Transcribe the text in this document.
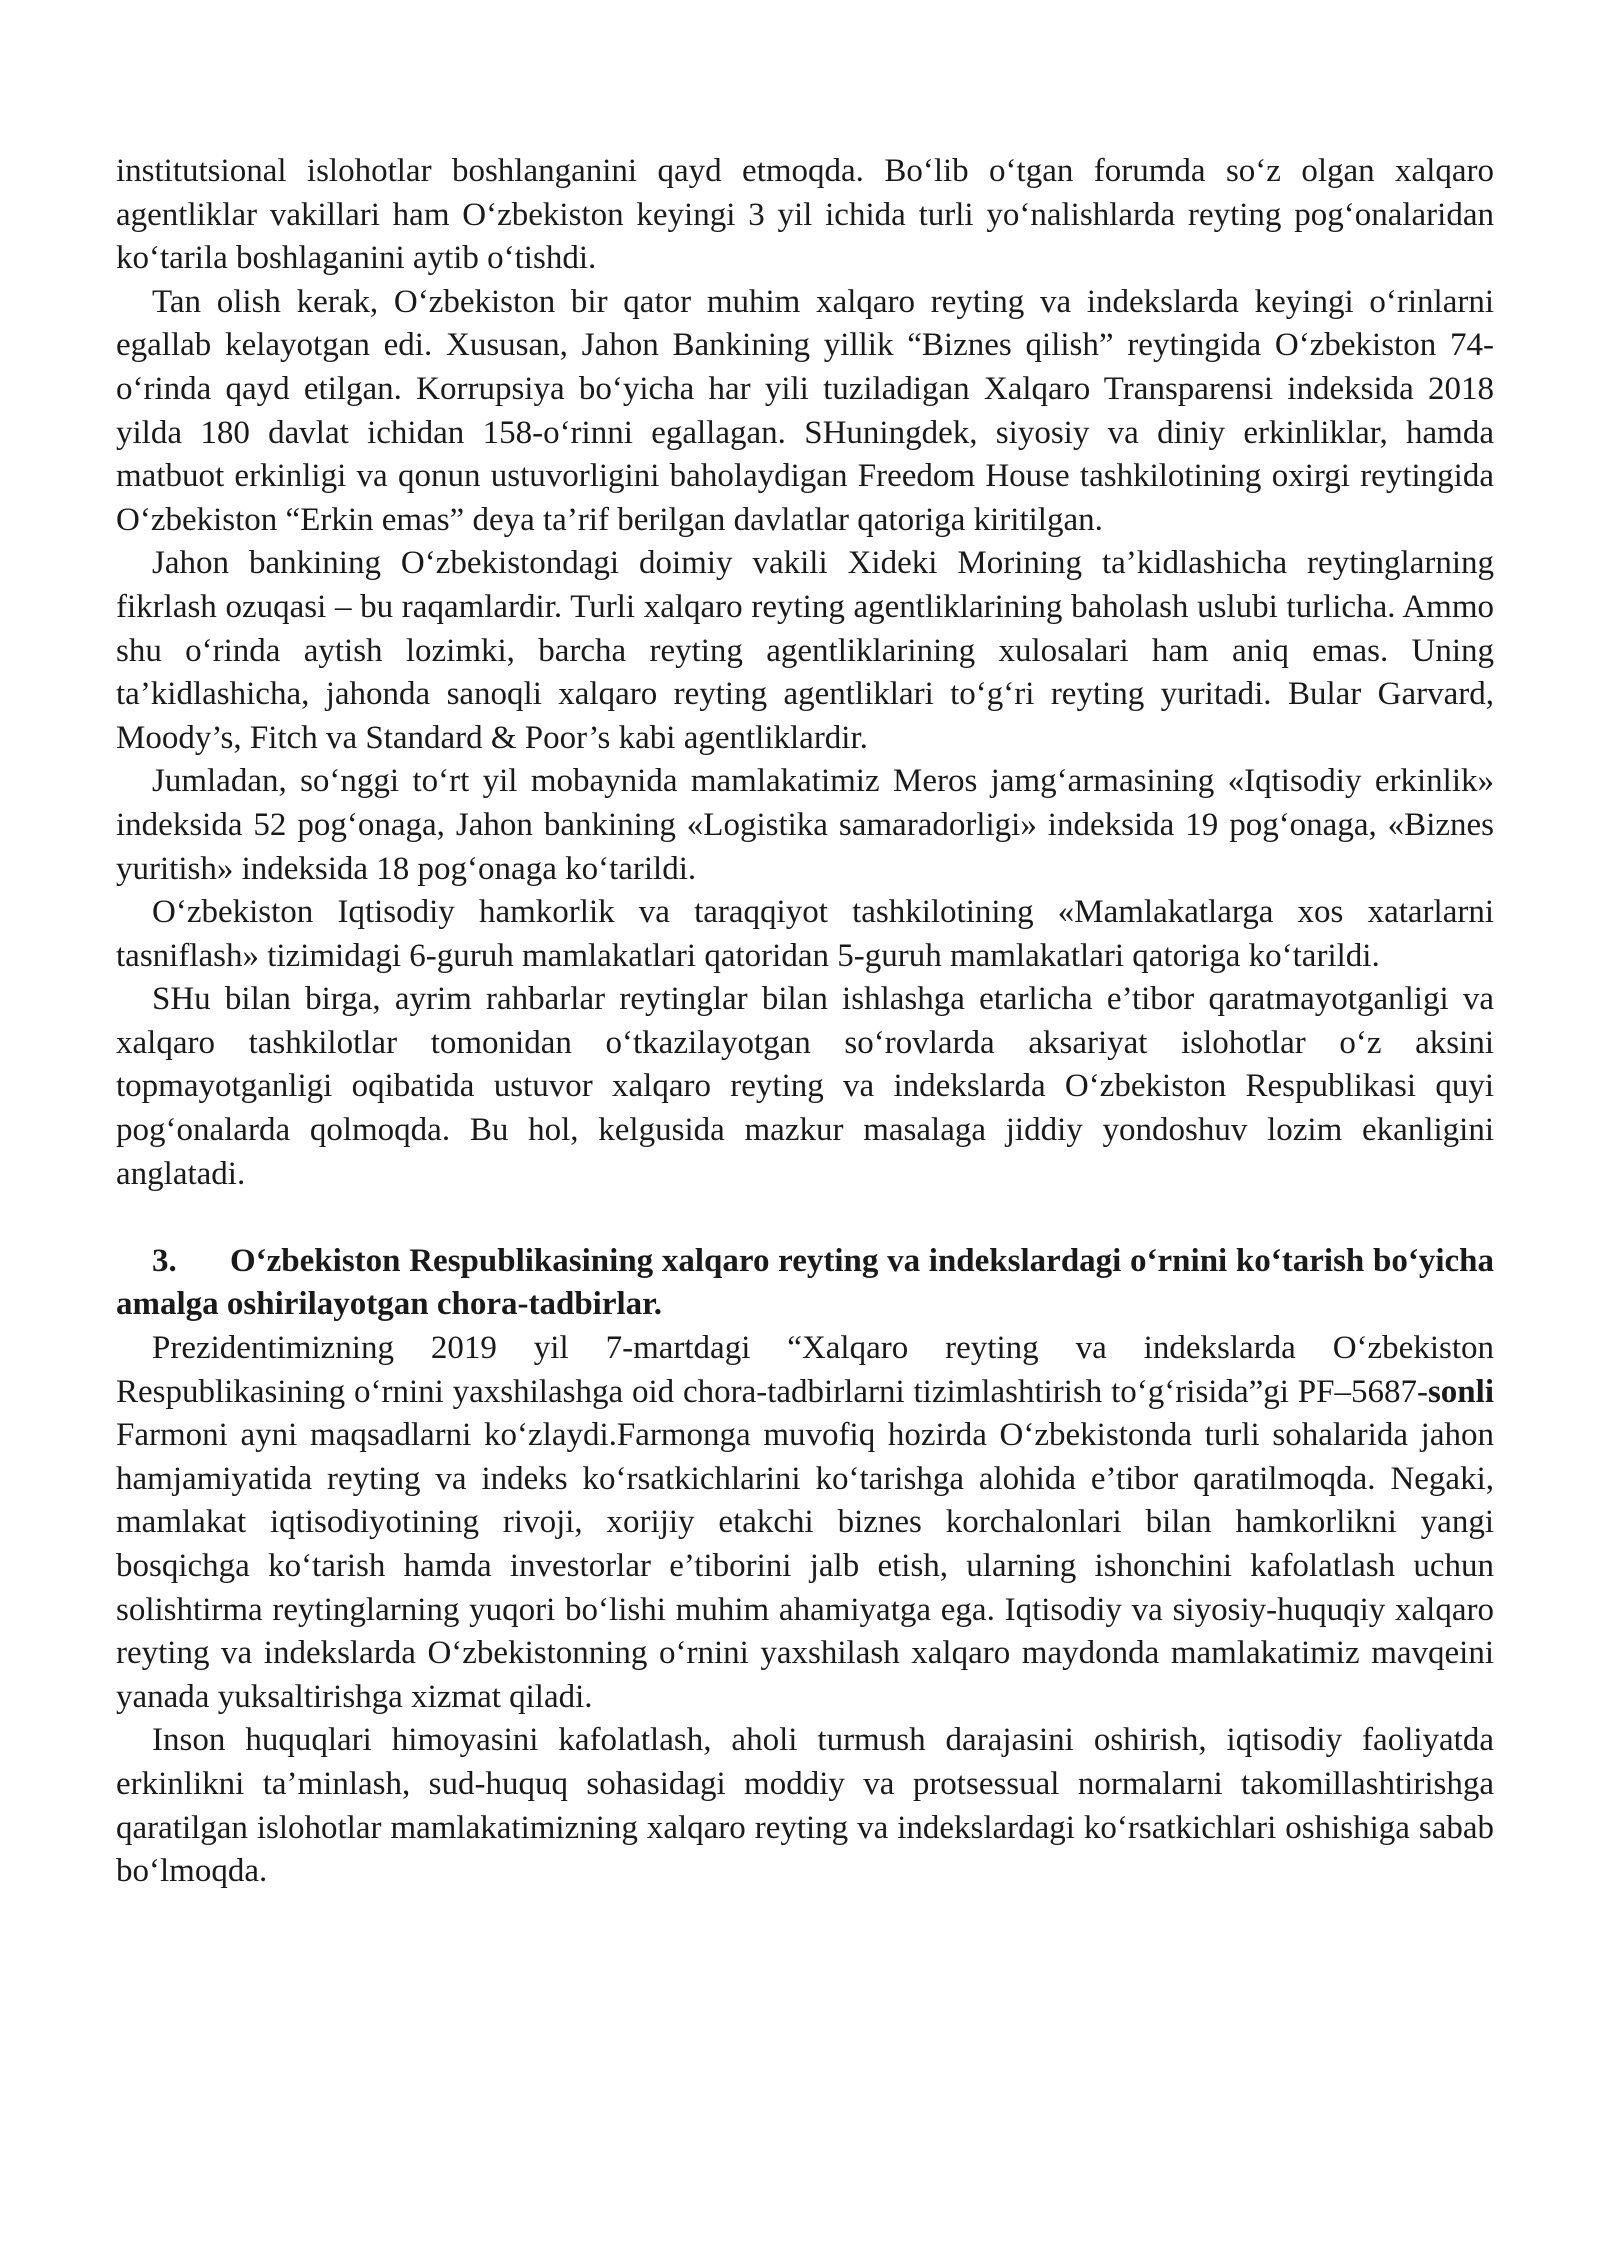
institutsional islohotlar boshlanganini qayd etmoqda. Bo‘lib o‘tgan forumda so‘z olgan xalqaro agentliklar vakillari ham O‘zbekiston keyingi 3 yil ichida turli yo‘nalishlarda reyting pog‘onalaridan ko‘tarila boshlaganini aytib o‘tishdi.

Tan olish kerak, O‘zbekiston bir qator muhim xalqaro reyting va indekslarda keyingi o‘rinlarni egallab kelayotgan edi. Xususan, Jahon Bankining yillik “Biznes qilish” reytingida O‘zbekiston 74-o‘rinda qayd etilgan. Korrupsiya bo‘yicha har yili tuziladigan Xalqaro Transparensi indeksida 2018 yilda 180 davlat ichidan 158-o‘rinni egallagan. SHuningdek, siyosiy va diniy erkinliklar, hamda matbuot erkinligi va qonun ustuvorligini baholaydigan Freedom House tashkilotining oxirgi reytingida O‘zbekiston “Erkin emas” deya ta’rif berilgan davlatlar qatoriga kiritilgan.

Jahon bankining O‘zbekistondagi doimiy vakili Xideki Morining ta’kidlashicha reytinglarning fikrlash ozuqasi – bu raqamlardir. Turli xalqaro reyting agentliklarining baholash uslubi turlicha. Ammo shu o‘rinda aytish lozimki, barcha reyting agentliklarining xulosalari ham aniq emas. Uning ta’kidlashicha, jahonda sanoqli xalqaro reyting agentliklari to‘g‘ri reyting yuritadi. Bular Garvard, Moody’s, Fitch va Standard & Poor’s kabi agentliklardir.

Jumladan, so‘nggi to‘rt yil mobaynida mamlakatimiz Meros jamg‘armasining «Iqtisodiy erkinlik» indeksida 52 pog‘onaga, Jahon bankining «Logistika samaradorligi» indeksida 19 pog‘onaga, «Biznes yuritish» indeksida 18 pog‘onaga ko‘tarildi.

O‘zbekiston Iqtisodiy hamkorlik va taraqqiyot tashkilotining «Mamlakatlarga xos xatarlarni tasniflash» tizimidagi 6-guruh mamlakatlari qatoridan 5-guruh mamlakatlari qatoriga ko‘tarildi.

SHu bilan birga, ayrim rahbarlar reytinglar bilan ishlashga etarlicha e’tibor qaratmayotganligi va xalqaro tashkilotlar tomonidan o‘tkazilayotgan so‘rovlarda aksariyat islohotlar o‘z aksini topmayotganligi oqibatida ustuvor xalqaro reyting va indekslarda O‘zbekiston Respublikasi quyi pog‘onalarda qolmoqda. Bu hol, kelgusida mazkur masalaga jiddiy yondoshuv lozim ekanligini anglatadi.

3. O‘zbekiston Respublikasining xalqaro reyting va indekslardagi o‘rnini ko‘tarish bo‘yicha amalga oshirilayotgan chora-tadbirlar.

Prezidentimizning 2019 yil 7-martdagi “Xalqaro reyting va indekslarda O‘zbekiston Respublikasining o‘rnini yaxshilashga oid chora-tadbirlarni tizimlashtirish to‘g‘risida”gi PF–5687-sonli Farmoni ayni maqsadlarni ko‘zlaydi.Farmonga muvofiq hozirda O‘zbekistonda turli sohalarida jahon hamjamiyatida reyting va indeks ko‘rsatkichlarini ko‘tarishga alohida e’tibor qaratilmoqda. Negaki, mamlakat iqtisodiyotining rivoji, xorijiy etakchi biznes korchalonlari bilan hamkorlikni yangi bosqichga ko‘tarish hamda investorlar e’tiborini jalb etish, ularning ishonchini kafolatlash uchun solishtirma reytinglarning yuqori bo‘lishi muhim ahamiyatga ega. Iqtisodiy va siyosiy-huquqiy xalqaro reyting va indekslarda O‘zbekistonning o‘rnini yaxshilash xalqaro maydonda mamlakatimiz mavqeini yanada yuksaltirishga xizmat qiladi.

Inson huquqlari himoyasini kafolatlash, aholi turmush darajasini oshirish, iqtisodiy faoliyatda erkinlikni ta’minlash, sud-huquq sohasidagi moddiy va protsessual normalarni takomillashtirishga qaratilgan islohotlar mamlakatimizning xalqaro reyting va indekslardagi ko‘rsatkichlari oshishiga sabab bo‘lmoqda.
